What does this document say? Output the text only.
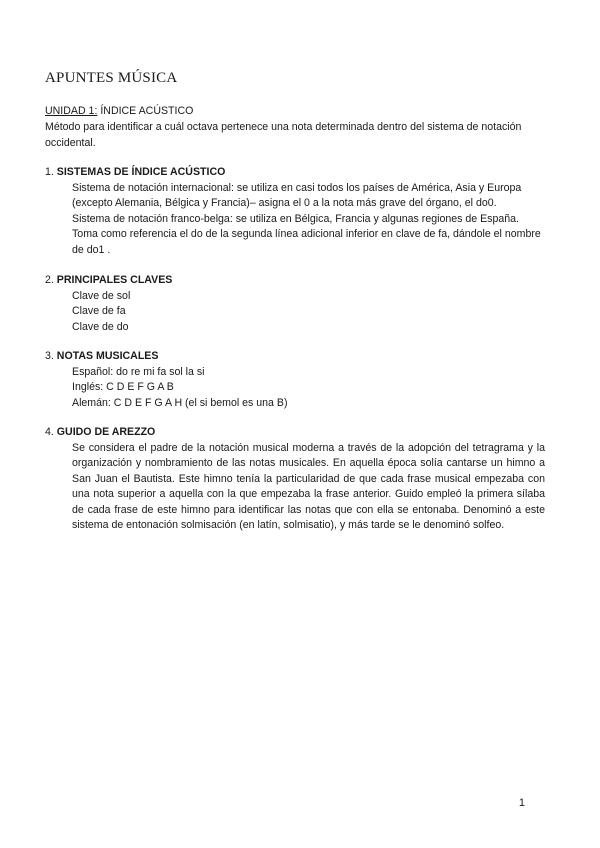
APUNTES MÚSICA
UNIDAD 1: ÍNDICE ACÚSTICO
Método para identificar a cuál octava pertenece una nota determinada dentro del sistema de notación occidental.
1. SISTEMAS DE ÍNDICE ACÚSTICO
Sistema de notación internacional: se utiliza en casi todos los países de América, Asia y Europa (excepto Alemania, Bélgica y Francia)– asigna el 0 a la nota más grave del órgano, el do0.
Sistema de notación franco-belga: se utiliza en Bélgica, Francia y algunas regiones de España. Toma como referencia el do de la segunda línea adicional inferior en clave de fa, dándole el nombre de do1 .
2. PRINCIPALES CLAVES
Clave de sol
Clave de fa
Clave de do
3. NOTAS MUSICALES
Español: do re mi fa sol la si
Inglés: C D E F G A B
Alemán: C D E F G A H (el si bemol es una B)
4. GUIDO DE AREZZO
Se considera el padre de la notación musical moderna a través de la adopción del tetragrama y la organización y nombramiento de las notas musicales. En aquella época solía cantarse un himno a San Juan el Bautista. Este himno tenía la particularidad de que cada frase musical empezaba con una nota superior a aquella con la que empezaba la frase anterior. Guido empleó la primera sílaba de cada frase de este himno para identificar las notas que con ella se entonaba. Denominó a este sistema de entonación solmisación (en latín, solmisatio), y más tarde se le denominó solfeo.
1
